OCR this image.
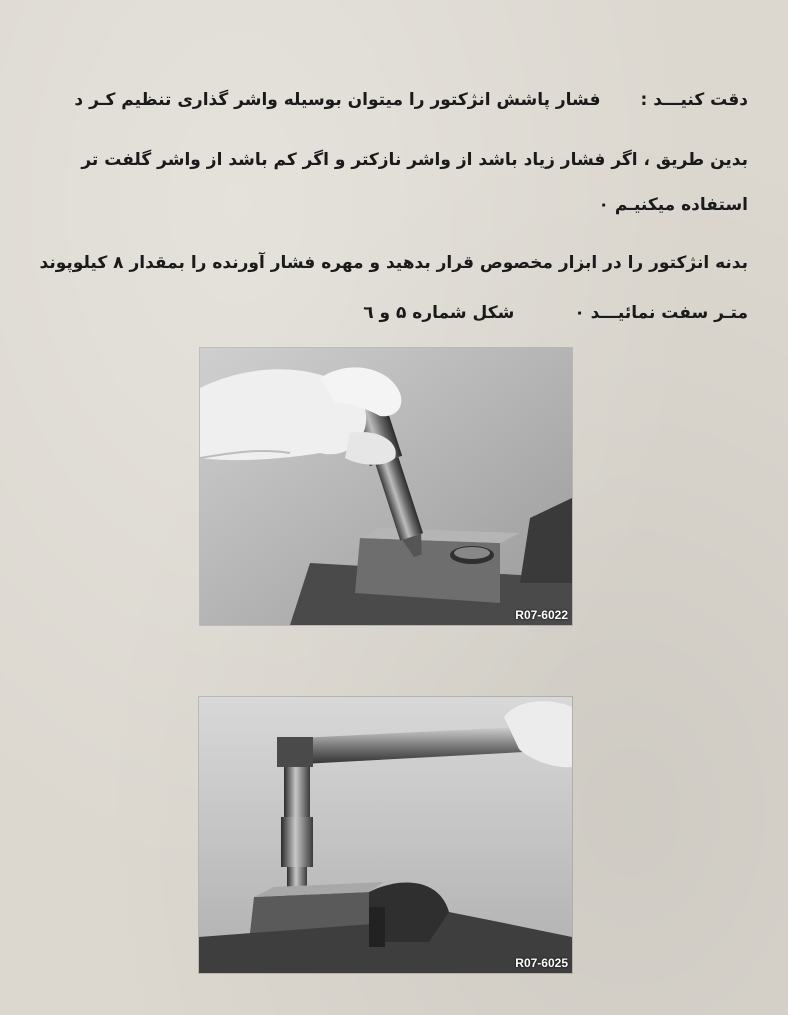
دقت کنیـــد :فشار پاشش انژکتور را میتوان بوسیله واشر گذاری تنظیم کـر د
بدین طریق ، اگر فشار زیاد باشد از واشر نازکتر و اگر کم باشد از واشر گلفت تر
استفاده میکنیـم ۰
بدنه انژکتور را در ابزار مخصوص قرار بدهید و مهره فشار آورنده را بمقدار ۸ کیلوپوند
متـر سفت نمائیـــد ۰شکل شماره ۵ و ٦
R07-6022
R07-6025
